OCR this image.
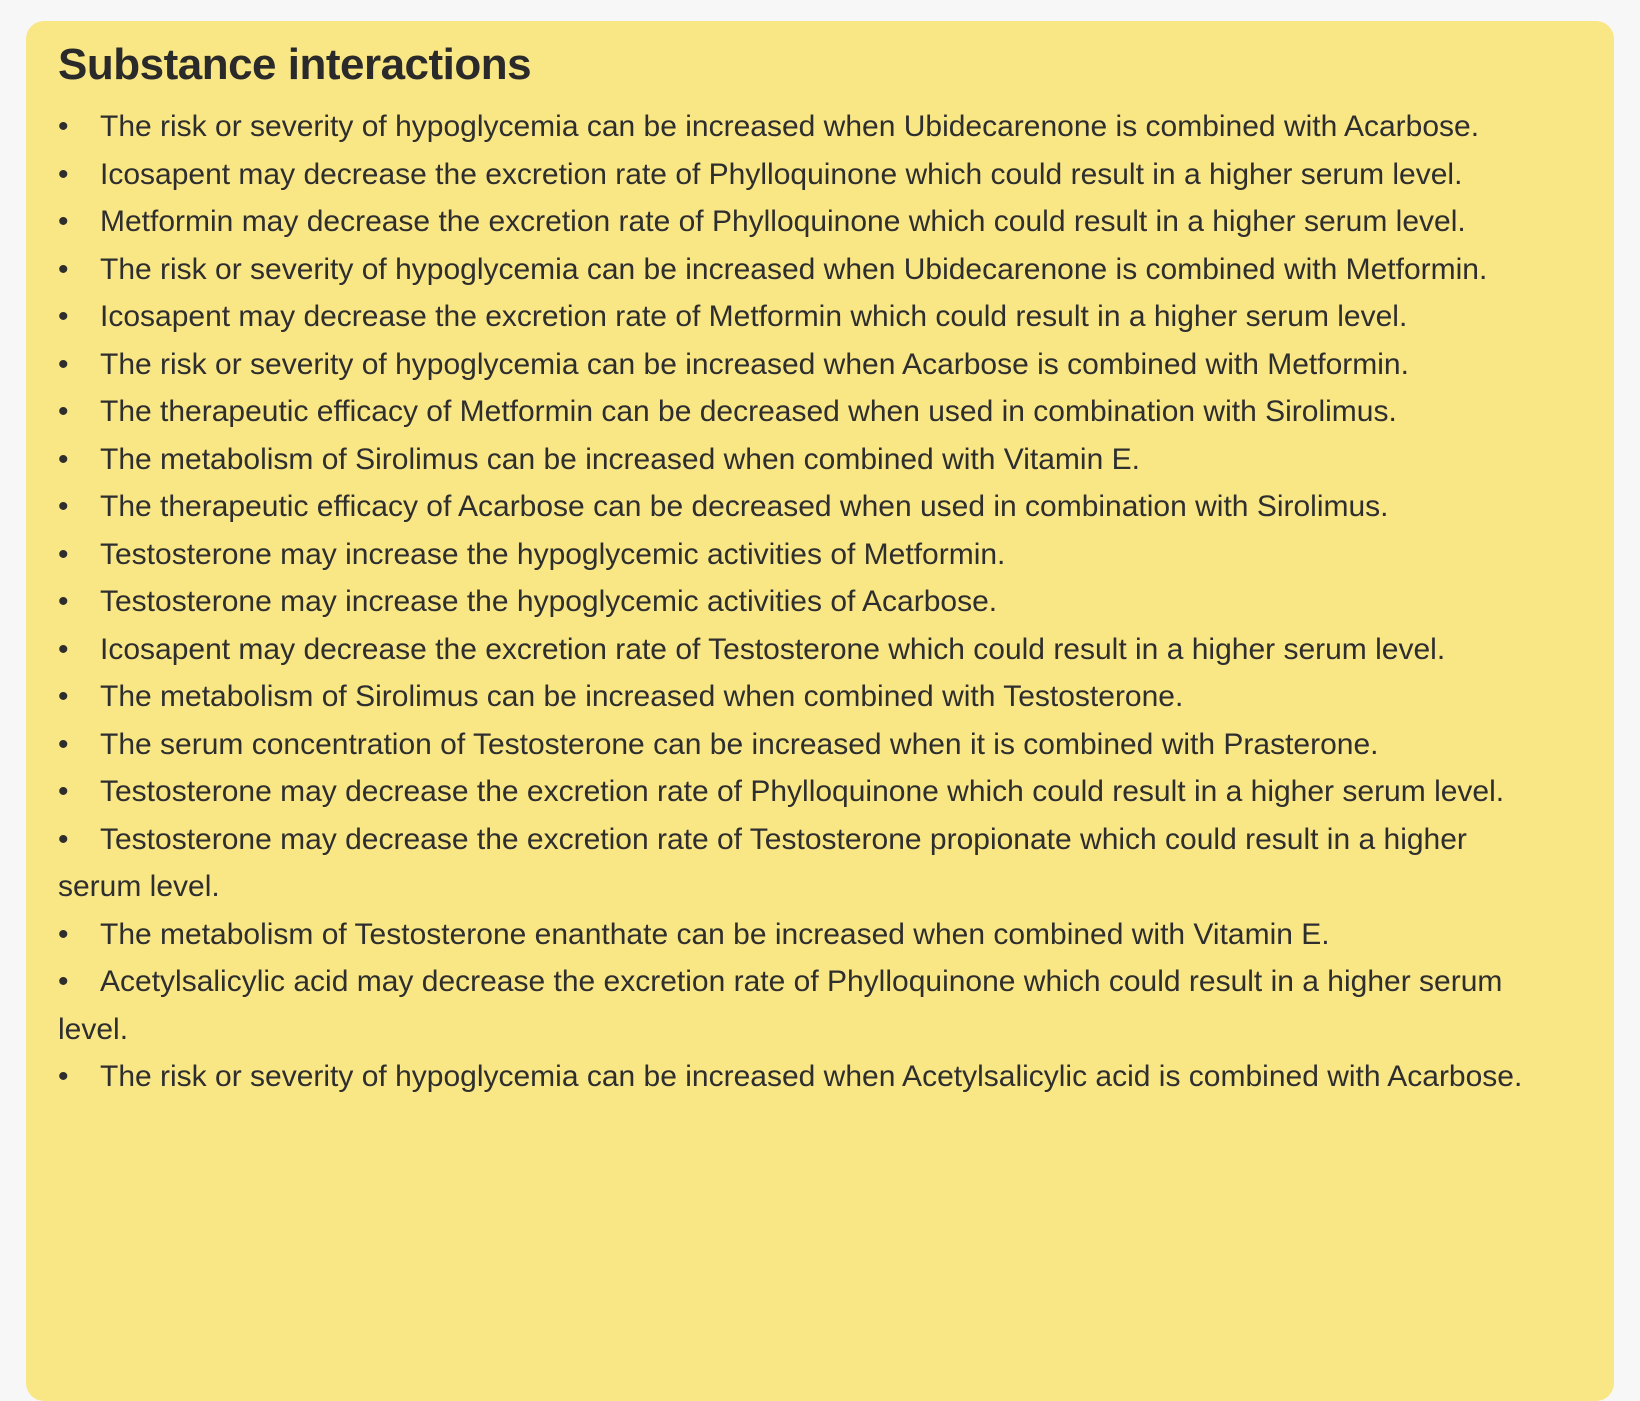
Substance interactions
• The risk or severity of hypoglycemia can be increased when Ubidecarenone is combined with Acarbose.
• Icosapent may decrease the excretion rate of Phylloquinone which could result in a higher serum level.
• Metformin may decrease the excretion rate of Phylloquinone which could result in a higher serum level.
• The risk or severity of hypoglycemia can be increased when Ubidecarenone is combined with Metformin.
• Icosapent may decrease the excretion rate of Metformin which could result in a higher serum level.
• The risk or severity of hypoglycemia can be increased when Acarbose is combined with Metformin.
• The therapeutic efficacy of Metformin can be decreased when used in combination with Sirolimus.
• The metabolism of Sirolimus can be increased when combined with Vitamin E.
• The therapeutic efficacy of Acarbose can be decreased when used in combination with Sirolimus.
• Testosterone may increase the hypoglycemic activities of Metformin.
• Testosterone may increase the hypoglycemic activities of Acarbose.
• Icosapent may decrease the excretion rate of Testosterone which could result in a higher serum level.
• The metabolism of Sirolimus can be increased when combined with Testosterone.
• The serum concentration of Testosterone can be increased when it is combined with Prasterone.
• Testosterone may decrease the excretion rate of Phylloquinone which could result in a higher serum level.
• Testosterone may decrease the excretion rate of Testosterone propionate which could result in a higher serum level.
• The metabolism of Testosterone enanthate can be increased when combined with Vitamin E.
• Acetylsalicylic acid may decrease the excretion rate of Phylloquinone which could result in a higher serum level.
• The risk or severity of hypoglycemia can be increased when Acetylsalicylic acid is combined with Acarbose.
